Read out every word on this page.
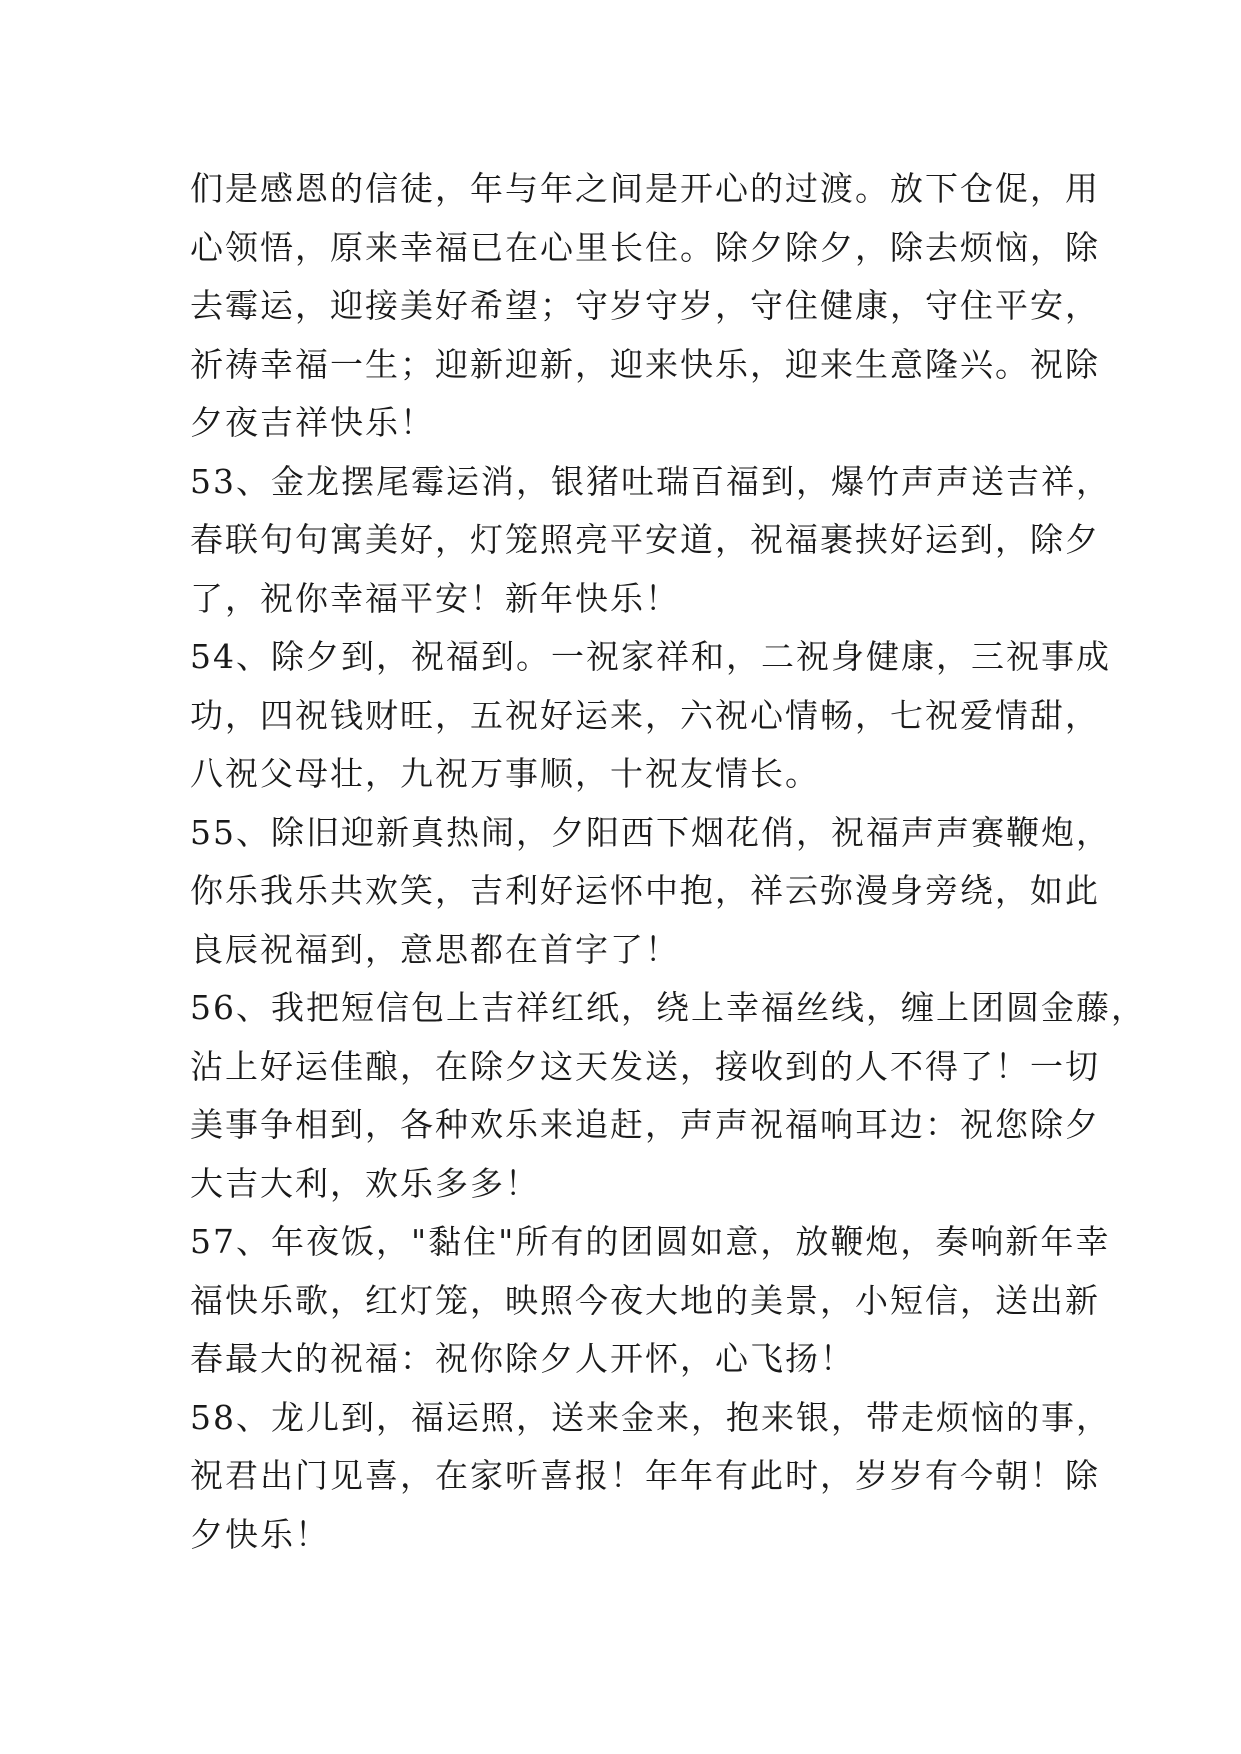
们是感恩的信徒，年与年之间是开心的过渡。放下仓促，用

心领悟，原来幸福已在心里长住。除夕除夕，除去烦恼，除

去霉运，迎接美好希望；守岁守岁，守住健康，守住平安，

祈祷幸福一生；迎新迎新，迎来快乐，迎来生意隆兴。祝除

夕夜吉祥快乐！

53、金龙摆尾霉运消，银猪吐瑞百福到，爆竹声声送吉祥，

春联句句寓美好，灯笼照亮平安道，祝福裹挟好运到，除夕

了，祝你幸福平安！新年快乐！

54、除夕到，祝福到。一祝家祥和，二祝身健康，三祝事成

功，四祝钱财旺，五祝好运来，六祝心情畅，七祝爱情甜，

八祝父母壮，九祝万事顺，十祝友情长。

55、除旧迎新真热闹，夕阳西下烟花俏，祝福声声赛鞭炮，

你乐我乐共欢笑，吉利好运怀中抱，祥云弥漫身旁绕，如此

良辰祝福到，意思都在首字了！

56、我把短信包上吉祥红纸，绕上幸福丝线，缠上团圆金藤，

沾上好运佳酿，在除夕这天发送，接收到的人不得了！一切

美事争相到，各种欢乐来追赶，声声祝福响耳边：祝您除夕

大吉大利，欢乐多多！

57、年夜饭，"黏住"所有的团圆如意，放鞭炮，奏响新年幸

福快乐歌，红灯笼，映照今夜大地的美景，小短信，送出新

春最大的祝福：祝你除夕人开怀，心飞扬！

58、龙儿到，福运照，送来金来，抱来银，带走烦恼的事，

祝君出门见喜，在家听喜报！年年有此时，岁岁有今朝！除

夕快乐！
